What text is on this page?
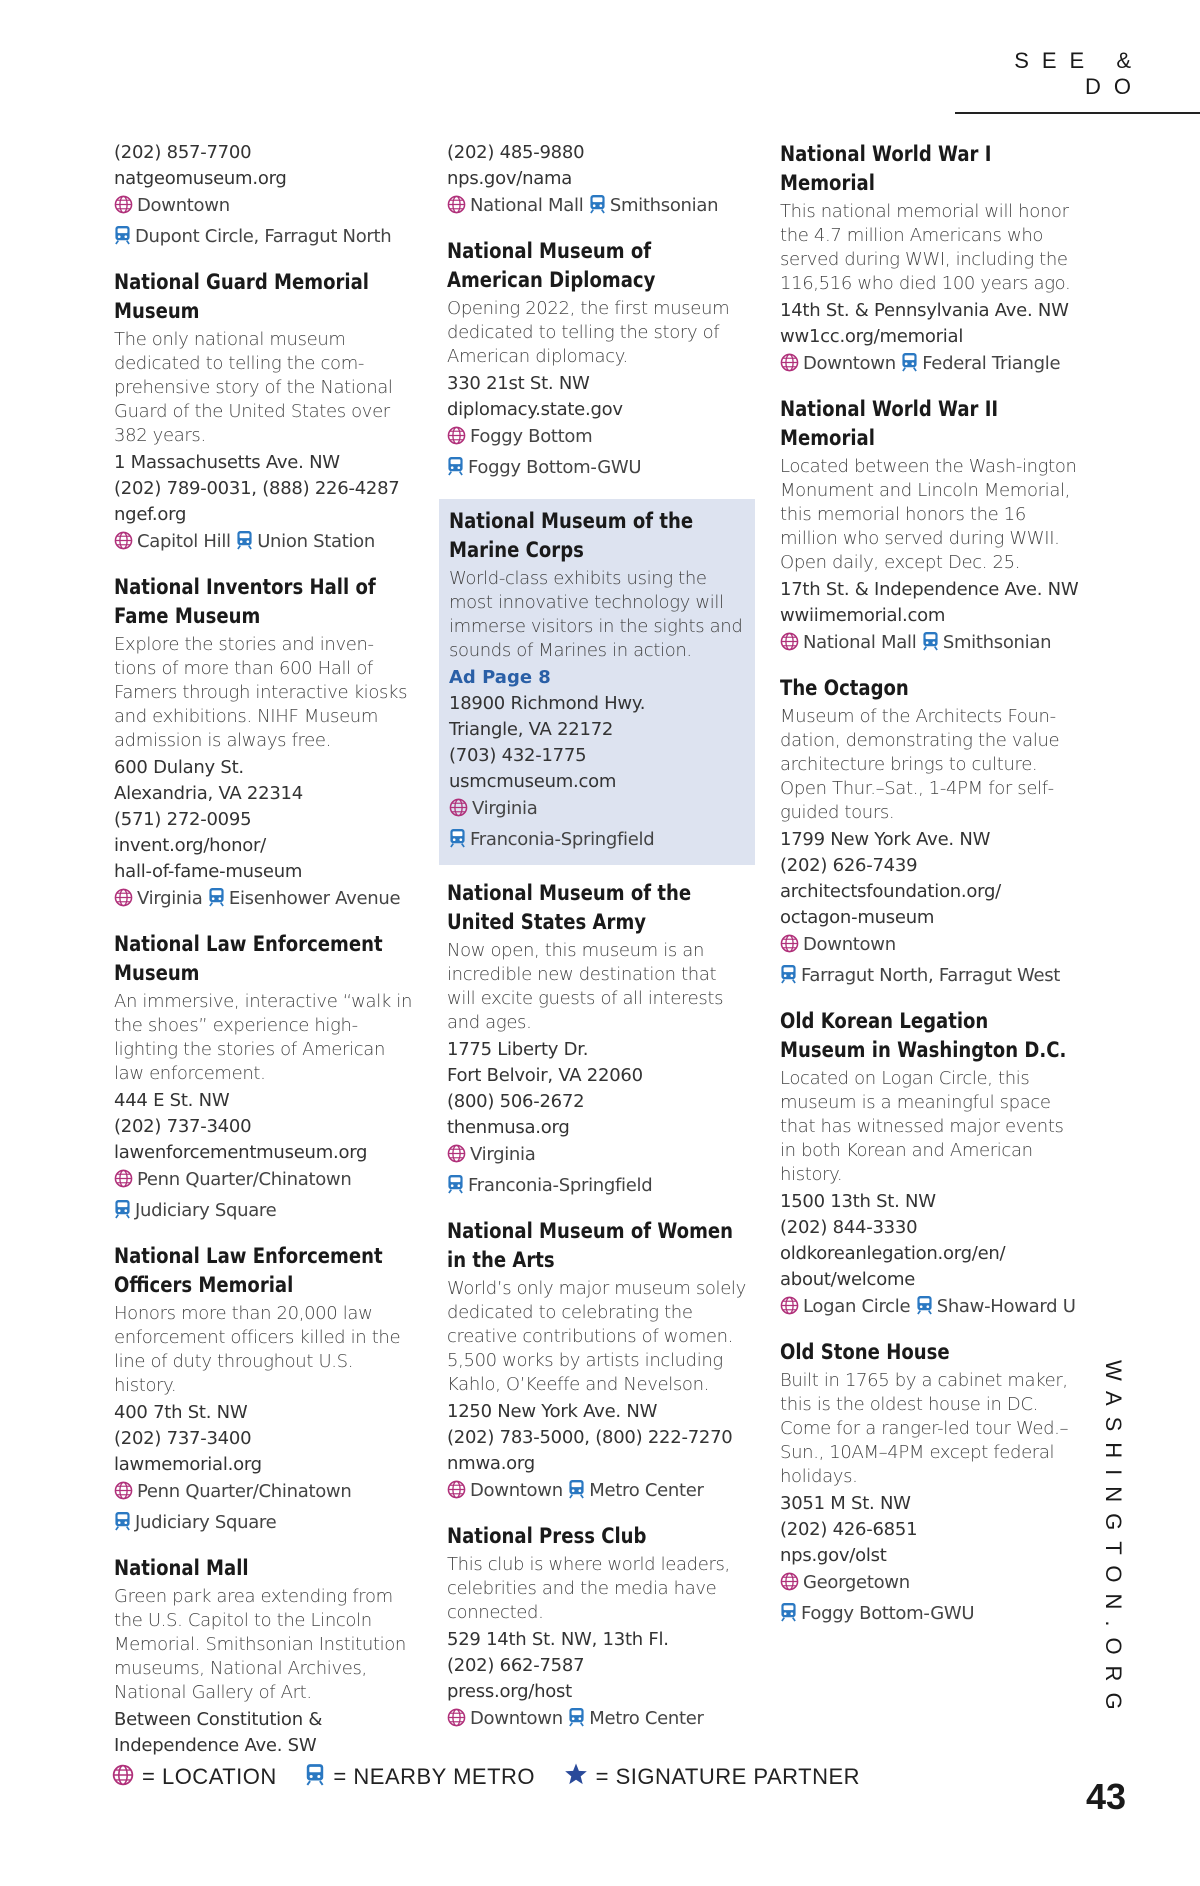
SEE & DO
(202) 857-7700
natgeomuseum.org
Downtown
Dupont Circle, Farragut North
National Guard Memorial Museum
The only national museum dedicated to telling the com-prehensive story of the National Guard of the United States over 382 years.
1 Massachusetts Ave. NW
(202) 789-0031, (888) 226-4287
ngef.org
Capitol Hill Union Station
National Inventors Hall of Fame Museum
Explore the stories and inven-tions of more than 600 Hall of Famers through interactive kiosks and exhibitions. NIHF Museum admission is always free.
600 Dulany St.
Alexandria, VA 22314
(571) 272-0095
invent.org/honor/
hall-of-fame-museum
Virginia Eisenhower Avenue
National Law Enforcement Museum
An immersive, interactive “walk in the shoes” experience high-lighting the stories of American law enforcement.
444 E St. NW
(202) 737-3400
lawenforcementmuseum.org
Penn Quarter/Chinatown
Judiciary Square
National Law Enforcement Officers Memorial
Honors more than 20,000 law enforcement officers killed in the line of duty throughout U.S. history.
400 7th St. NW
(202) 737-3400
lawmemorial.org
Penn Quarter/Chinatown
Judiciary Square
National Mall
Green park area extending from the U.S. Capitol to the Lincoln Memorial. Smithsonian Institution museums, National Archives, National Gallery of Art.
Between Constitution &
Independence Ave. SW
(202) 485-9880
nps.gov/nama
National Mall Smithsonian
National Museum of American Diplomacy
Opening 2022, the first museum dedicated to telling the story of American diplomacy.
330 21st St. NW
diplomacy.state.gov
Foggy Bottom
Foggy Bottom-GWU
National Museum of the Marine Corps
World-class exhibits using the most innovative technology will immerse visitors in the sights and sounds of Marines in action.
Ad Page 8
18900 Richmond Hwy.
Triangle, VA 22172
(703) 432-1775
usmcmuseum.com
Virginia
Franconia-Springfield
National Museum of the United States Army
Now open, this museum is an incredible new destination that will excite guests of all interests and ages.
1775 Liberty Dr.
Fort Belvoir, VA 22060
(800) 506-2672
thenmusa.org
Virginia
Franconia-Springfield
National Museum of Women in the Arts
World’s only major museum solely dedicated to celebrating the creative contributions of women. 5,500 works by artists including Kahlo, O’Keeffe and Nevelson.
1250 New York Ave. NW
(202) 783-5000, (800) 222-7270
nmwa.org
Downtown Metro Center
National Press Club
This club is where world leaders, celebrities and the media have connected.
529 14th St. NW, 13th Fl.
(202) 662-7587
press.org/host
Downtown Metro Center
National World War I Memorial
This national memorial will honor the 4.7 million Americans who served during WWI, including the 116,516 who died 100 years ago.
14th St. & Pennsylvania Ave. NW
ww1cc.org/memorial
Downtown Federal Triangle
National World War II Memorial
Located between the Wash-ington Monument and Lincoln Memorial, this memorial honors the 16 million who served during WWII. Open daily, except Dec. 25.
17th St. & Independence Ave. NW
wwiimemorial.com
National Mall Smithsonian
The Octagon
Museum of the Architects Foun-dation, demonstrating the value architecture brings to culture. Open Thur.–Sat., 1-4PM for self-guided tours.
1799 New York Ave. NW
(202) 626-7439
architectsfoundation.org/
octagon-museum
Downtown
Farragut North, Farragut West
Old Korean Legation Museum in Washington D.C.
Located on Logan Circle, this museum is a meaningful space that has witnessed major events in both Korean and American history.
1500 13th St. NW
(202) 844-3330
oldkoreanlegation.org/en/
about/welcome
Logan Circle Shaw-Howard U
Old Stone House
Built in 1765 by a cabinet maker, this is the oldest house in DC. Come for a ranger-led tour Wed.–Sun., 10AM–4PM except federal holidays.
3051 M St. NW
(202) 426-6851
nps.gov/olst
Georgetown
Foggy Bottom-GWU	WASHINGTON.ORG
43
= LOCATION	= NEARBY METRO	= SIGNATURE PARTNER
